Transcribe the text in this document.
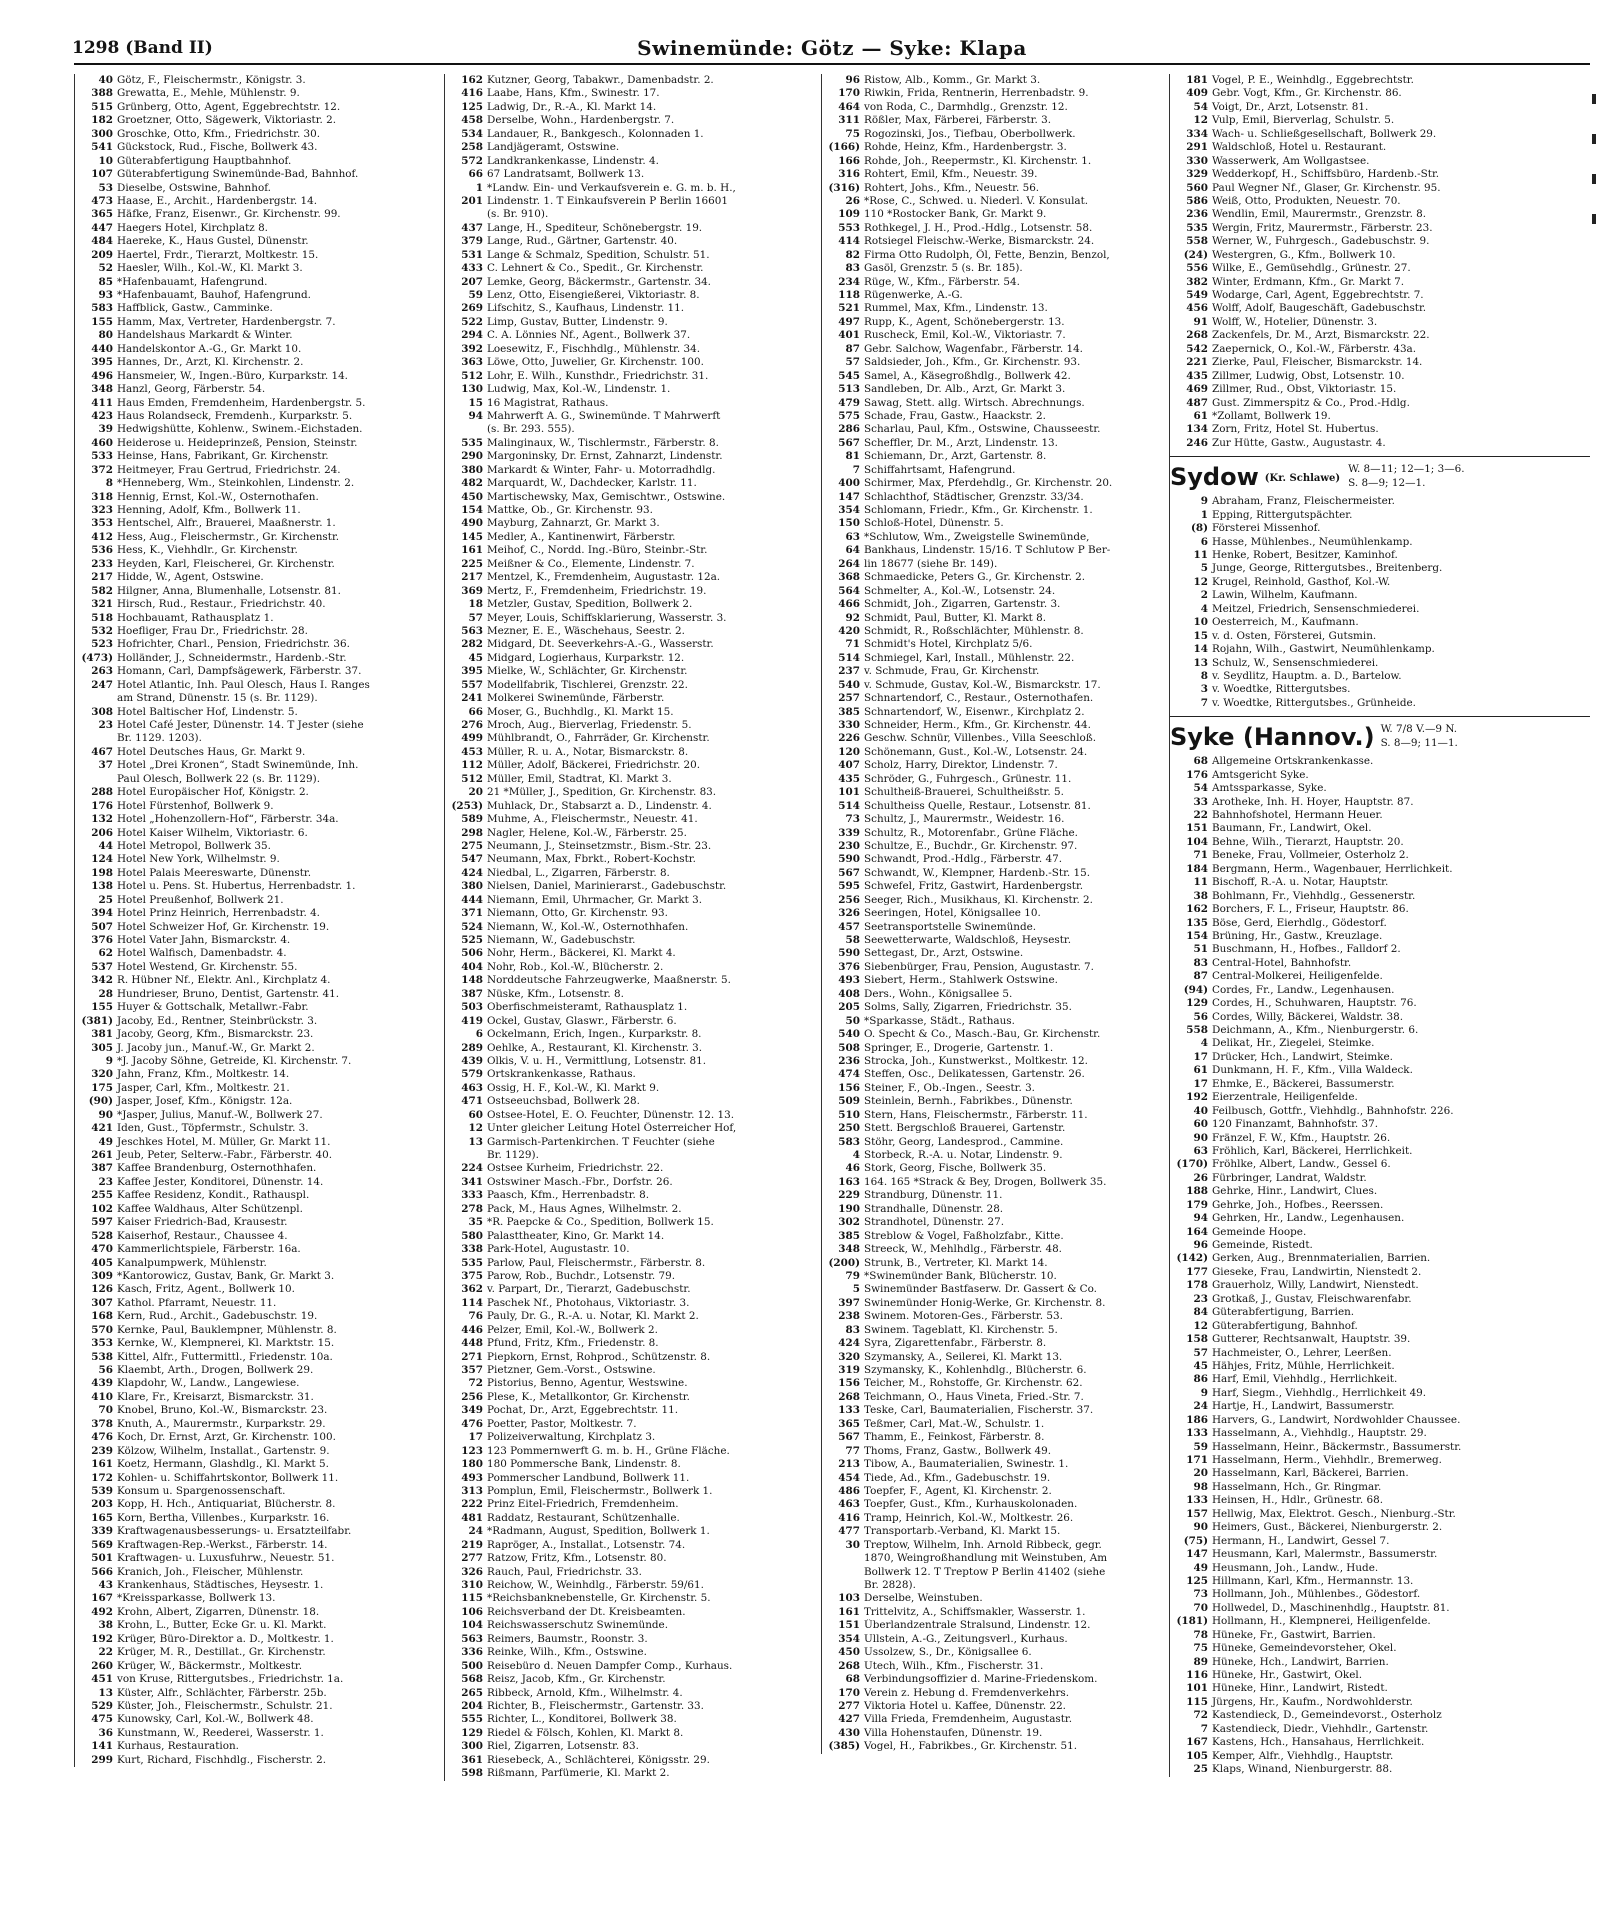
1298 (Band II)	Swinemünde: Götz — Syke: Klapa
40 Götz, F., Fleischermstr., Königstr. 3.
388 Grewatta, E., Mehle, Mühlenstr. 9.
515 Grünberg, Otto, Agent, Eggebrechtstr. 12.
182 Groetzner, Otto, Sägewerk, Viktoriastr. 2.
300 Groschke, Otto, Kfm., Friedrichstr. 30.
541 Gückstock, Rud., Fische, Bollwerk 43.
10 Güterabfertigung Hauptbahnhof.
107 Güterabfertigung Swinemünde-Bad, Bahnhof.
53 Dieselbe, Ostswine, Bahnhof.
473 Haase, E., Archit., Hardenbergstr. 14.
365 Häfke, Franz, Eisenwr., Gr. Kirchenstr. 99.
447 Haegers Hotel, Kirchplatz 8.
484 Haereke, K., Haus Gustel, Dünenstr.
209 Haertel, Frdr., Tierarzt, Moltkestr. 15.
52 Haesler, Wilh., Kol.-W., Kl. Markt 3.
85 *Hafenbauamt, Hafengrund.
93 *Hafenbauamt, Bauhof, Hafengrund.
583 Haffblick, Gastw., Camminke.
155 Hamm, Max, Vertreter, Hardenbergstr. 7.
80 Handelshaus Markardt & Winter.
440 Handelskontor A.-G., Gr. Markt 10.
395 Hannes, Dr., Arzt, Kl. Kirchenstr. 2.
496 Hansmeier, W., Ingen.-Büro, Kurparkstr. 14.
348 Hanzl, Georg, Färberstr. 54.
411 Haus Emden, Fremdenheim, Hardenbergstr. 5.
423 Haus Rolandseck, Fremdenh., Kurparkstr. 5.
39 Hedwigshütte, Kohlenw., Swinem.-Eichstaden.
460 Heiderose u. Heideprinzeß, Pension, Steinstr.
533 Heinse, Hans, Fabrikant, Gr. Kirchenstr.
372 Heitmeyer, Frau Gertrud, Friedrichstr. 24.
8 *Henneberg, Wm., Steinkohlen, Lindenstr. 2.
318 Hennig, Ernst, Kol.-W., Osternothafen.
323 Henning, Adolf, Kfm., Bollwerk 11.
353 Hentschel, Alfr., Brauerei, Maaßnerstr. 1.
412 Hess, Aug., Fleischermstr., Gr. Kirchenstr.
536 Hess, K., Viehhdlr., Gr. Kirchenstr.
233 Heyden, Karl, Fleischerei, Gr. Kirchenstr.
217 Hidde, W., Agent, Ostswine.
582 Hilgner, Anna, Blumenhalle, Lotsenstr. 81.
321 Hirsch, Rud., Restaur., Friedrichstr. 40.
518 Hochbauamt, Rathausplatz 1.
532 Hoefliger, Frau Dr., Friedrichstr. 28.
523 Hofrichter, Charl., Pension, Friedrichstr. 36.
(473) Holländer, J., Schneidermstr., Hardenb.-Str.
263 Homann, Carl, Dampfsägewerk, Färberstr. 37.
247 Hotel Atlantic, Inh. Paul Olesch, Haus I. Ranges
am Strand, Dünenstr. 15 (s. Br. 1129).
308 Hotel Baltischer Hof, Lindenstr. 5.
23 Hotel Café Jester, Dünenstr. 14. T Jester (siehe
Br. 1129. 1203).
467 Hotel Deutsches Haus, Gr. Markt 9.
37 Hotel „Drei Kronen“, Stadt Swinemünde, Inh.
Paul Olesch, Bollwerk 22 (s. Br. 1129).
288 Hotel Europäischer Hof, Königstr. 2.
176 Hotel Fürstenhof, Bollwerk 9.
132 Hotel „Hohenzollern-Hof“, Färberstr. 34a.
206 Hotel Kaiser Wilhelm, Viktoriastr. 6.
44 Hotel Metropol, Bollwerk 35.
124 Hotel New York, Wilhelmstr. 9.
198 Hotel Palais Meereswarte, Dünenstr.
138 Hotel u. Pens. St. Hubertus, Herrenbadstr. 1.
25 Hotel Preußenhof, Bollwerk 21.
394 Hotel Prinz Heinrich, Herrenbadstr. 4.
507 Hotel Schweizer Hof, Gr. Kirchenstr. 19.
376 Hotel Vater Jahn, Bismarckstr. 4.
62 Hotel Walfisch, Damenbadstr. 4.
537 Hotel Westend, Gr. Kirchenstr. 55.
342 R. Hübner Nf., Elektr. Anl., Kirchplatz 4.
28 Hundrieser, Bruno, Dentist, Gartenstr. 41.
155 Huyer & Gottschalk, Metallwr.-Fabr.
(381) Jacoby, Ed., Rentner, Steinbrückstr. 3.
381 Jacoby, Georg, Kfm., Bismarckstr. 23.
305 J. Jacoby jun., Manuf.-W., Gr. Markt 2.
9 *J. Jacoby Söhne, Getreide, Kl. Kirchenstr. 7.
320 Jahn, Franz, Kfm., Moltkestr. 14.
175 Jasper, Carl, Kfm., Moltkestr. 21.
(90) Jasper, Josef, Kfm., Königstr. 12a.
90 *Jasper, Julius, Manuf.-W., Bollwerk 27.
421 Iden, Gust., Töpfermstr., Schulstr. 3.
49 Jeschkes Hotel, M. Müller, Gr. Markt 11.
261 Jeub, Peter, Selterw.-Fabr., Färberstr. 40.
387 Kaffee Brandenburg, Osternothhafen.
23 Kaffee Jester, Konditorei, Dünenstr. 14.
255 Kaffee Residenz, Kondit., Rathauspl.
102 Kaffee Waldhaus, Alter Schützenpl.
597 Kaiser Friedrich-Bad, Krausestr.
528 Kaiserhof, Restaur., Chaussee 4.
470 Kammerlichtspiele, Färberstr. 16a.
405 Kanalpumpwerk, Mühlenstr.
309 *Kantorowicz, Gustav, Bank, Gr. Markt 3.
126 Kasch, Fritz, Agent., Bollwerk 10.
307 Kathol. Pfarramt, Neuestr. 11.
168 Kern, Rud., Archit., Gadebuschstr. 19.
570 Kernke, Paul, Bauklempner, Mühlenstr. 8.
353 Kernke, W., Klempnerei, Kl. Marktstr. 15.
538 Kittel, Alfr., Futtermittl., Friedenstr. 10a.
56 Klaembt, Arth., Drogen, Bollwerk 29.
439 Klapdohr, W., Landw., Langewiese.
410 Klare, Fr., Kreisarzt, Bismarckstr. 31.
70 Knobel, Bruno, Kol.-W., Bismarckstr. 23.
378 Knuth, A., Maurermstr., Kurparkstr. 29.
476 Koch, Dr. Ernst, Arzt, Gr. Kirchenstr. 100.
239 Kölzow, Wilhelm, Installat., Gartenstr. 9.
161 Koetz, Hermann, Glashdlg., Kl. Markt 5.
172 Kohlen- u. Schiffahrtskontor, Bollwerk 11.
539 Konsum u. Spargenossenschaft.
203 Kopp, H. Hch., Antiquariat, Blücherstr. 8.
165 Korn, Bertha, Villenbes., Kurparkstr. 16.
339 Kraftwagenausbesserungs- u. Ersatzteilfabr.
569 Kraftwagen-Rep.-Werkst., Färberstr. 14.
501 Kraftwagen- u. Luxusfuhrw., Neuestr. 51.
566 Kranich, Joh., Fleischer, Mühlenstr.
43 Krankenhaus, Städtisches, Heysestr. 1.
167 *Kreissparkasse, Bollwerk 13.
492 Krohn, Albert, Zigarren, Dünenstr. 18.
38 Krohn, L., Butter, Ecke Gr. u. Kl. Markt.
192 Krüger, Büro-Direktor a. D., Moltkestr. 1.
22 Krüger, M. R., Destillat., Gr. Kirchenstr.
260 Krüger, W., Bäckermstr., Moltkestr.
451 von Kruse, Rittergutsbes., Friedrichstr. 1a.
13 Küster, Alfr., Schlächter, Färberstr. 25b.
529 Küster, Joh., Fleischermstr., Schulstr. 21.
475 Kunowsky, Carl, Kol.-W., Bollwerk 48.
36 Kunstmann, W., Reederei, Wasserstr. 1.
141 Kurhaus, Restauration.
299 Kurt, Richard, Fischhdlg., Fischerstr. 2.
162 Kutzner, Georg, Tabakwr., Damenbadstr. 2.
416 Laabe, Hans, Kfm., Swinestr. 17.
125 Ladwig, Dr., R.-A., Kl. Markt 14.
458 Derselbe, Wohn., Hardenbergstr. 7.
534 Landauer, R., Bankgesch., Kolonnaden 1.
258 Landjägeramt, Ostswine.
572 Landkrankenkasse, Lindenstr. 4.
66 67 Landratsamt, Bollwerk 13.
1 *Landw. Ein- und Verkaufsverein e. G. m. b. H.,
201 Lindenstr. 1. T Einkaufsverein P Berlin 16601
(s. Br. 910).
437 Lange, H., Spediteur, Schönebergstr. 19.
379 Lange, Rud., Gärtner, Gartenstr. 40.
531 Lange & Schmalz, Spedition, Schulstr. 51.
433 C. Lehnert & Co., Spedit., Gr. Kirchenstr.
207 Lemke, Georg, Bäckermstr., Gartenstr. 34.
59 Lenz, Otto, Eisengießerei, Viktoriastr. 8.
269 Lifschitz, S., Kaufhaus, Lindenstr. 11.
522 Limp, Gustav, Butter, Lindenstr. 9.
294 C. A. Lönnies Nf., Agent., Bollwerk 37.
392 Loesewitz, F., Fischhdlg., Mühlenstr. 34.
363 Löwe, Otto, Juwelier, Gr. Kirchenstr. 100.
512 Lohr, E. Wilh., Kunsthdr., Friedrichstr. 31.
130 Ludwig, Max, Kol.-W., Lindenstr. 1.
15 16 Magistrat, Rathaus.
94 Mahrwerft A. G., Swinemünde. T Mahrwerft
(s. Br. 293. 555).
535 Malinginaux, W., Tischlermstr., Färberstr. 8.
290 Margoninsky, Dr. Ernst, Zahnarzt, Lindenstr.
380 Markardt & Winter, Fahr- u. Motorradhdlg.
482 Marquardt, W., Dachdecker, Karlstr. 11.
450 Martischewsky, Max, Gemischtwr., Ostswine.
154 Mattke, Ob., Gr. Kirchenstr. 93.
490 Mayburg, Zahnarzt, Gr. Markt 3.
145 Medler, A., Kantinenwirt, Färberstr.
161 Meihof, C., Nordd. Ing.-Büro, Steinbr.-Str.
225 Meißner & Co., Elemente, Lindenstr. 7.
217 Mentzel, K., Fremdenheim, Augustastr. 12a.
369 Mertz, F., Fremdenheim, Friedrichstr. 19.
18 Metzler, Gustav, Spedition, Bollwerk 2.
57 Meyer, Louis, Schiffsklarierung, Wasserstr. 3.
563 Mezner, E. E., Wäschehaus, Seestr. 2.
282 Midgard, Dt. Seeverkehrs-A.-G., Wasserstr.
45 Midgard, Logierhaus, Kurparkstr. 12.
395 Mielke, W., Schlächter, Gr. Kirchenstr.
557 Modellfabrik, Tischlerei, Grenzstr. 22.
241 Molkerei Swinemünde, Färberstr.
66 Moser, G., Buchhdlg., Kl. Markt 15.
276 Mroch, Aug., Bierverlag, Friedenstr. 5.
499 Mühlbrandt, O., Fahrräder, Gr. Kirchenstr.
453 Müller, R. u. A., Notar, Bismarckstr. 8.
112 Müller, Adolf, Bäckerei, Friedrichstr. 20.
512 Müller, Emil, Stadtrat, Kl. Markt 3.
20 21 *Müller, J., Spedition, Gr. Kirchenstr. 83.
(253) Muhlack, Dr., Stabsarzt a. D., Lindenstr. 4.
589 Muhme, A., Fleischermstr., Neuestr. 41.
298 Nagler, Helene, Kol.-W., Färberstr. 25.
275 Neumann, J., Steinsetzmstr., Bism.-Str. 23.
547 Neumann, Max, Fbrkt., Robert-Kochstr.
424 Niedbal, L., Zigarren, Färberstr. 8.
380 Nielsen, Daniel, Marinierarst., Gadebuschstr.
444 Niemann, Emil, Uhrmacher, Gr. Markt 3.
371 Niemann, Otto, Gr. Kirchenstr. 93.
524 Niemann, W., Kol.-W., Osternothhafen.
525 Niemann, W., Gadebuschstr.
506 Nohr, Herm., Bäckerei, Kl. Markt 4.
404 Nohr, Rob., Kol.-W., Blücherstr. 2.
148 Norddeutsche Fahrzeugwerke, Maaßnerstr. 5.
387 Nüske, Kfm., Lotsenstr. 8.
503 Oberfischmeisteramt, Rathausplatz 1.
419 Ockel, Gustav, Glaswr., Färberstr. 6.
6 Ockelmann, Erich, Ingen., Kurparkstr. 8.
289 Oehlke, A., Restaurant, Kl. Kirchenstr. 3.
439 Olkis, V. u. H., Vermittlung, Lotsenstr. 81.
579 Ortskrankenkasse, Rathaus.
463 Ossig, H. F., Kol.-W., Kl. Markt 9.
471 Ostseeuchsbad, Bollwerk 28.
60 Ostsee-Hotel, E. O. Feuchter, Dünenstr. 12. 13.
12 Unter gleicher Leitung Hotel Österreicher Hof,
13 Garmisch-Partenkirchen. T Feuchter (siehe
Br. 1129).
224 Ostsee Kurheim, Friedrichstr. 22.
341 Ostswiner Masch.-Fbr., Dorfstr. 26.
333 Paasch, Kfm., Herrenbadstr. 8.
278 Pack, M., Haus Agnes, Wilhelmstr. 2.
35 *R. Paepcke & Co., Spedition, Bollwerk 15.
580 Palasttheater, Kino, Gr. Markt 14.
338 Park-Hotel, Augustastr. 10.
535 Parlow, Paul, Fleischermstr., Färberstr. 8.
375 Parow, Rob., Buchdr., Lotsenstr. 79.
362 v. Parpart, Dr., Tierarzt, Gadebuschstr.
114 Paschek Nf., Photohaus, Viktoriastr. 3.
76 Pauly, Dr. G., R.-A. u. Notar, Kl. Markt 2.
446 Pelzer, Emil, Kol.-W., Bollwerk 2.
448 Pfund, Fritz, Kfm., Friedenstr. 8.
271 Piepkorn, Ernst, Rohprod., Schützenstr. 8.
357 Pietzner, Gem.-Vorst., Ostswine.
72 Pistorius, Benno, Agentur, Westswine.
256 Plese, K., Metallkontor, Gr. Kirchenstr.
349 Pochat, Dr., Arzt, Eggebrechtstr. 11.
476 Poetter, Pastor, Moltkestr. 7.
17 Polizeiverwaltung, Kirchplatz 3.
123 123 Pommernwerft G. m. b. H., Grüne Fläche.
180 180 Pommersche Bank, Lindenstr. 8.
493 Pommerscher Landbund, Bollwerk 11.
313 Pomplun, Emil, Fleischermstr., Bollwerk 1.
222 Prinz Eitel-Friedrich, Fremdenheim.
481 Raddatz, Restaurant, Schützenhalle.
24 *Radmann, August, Spedition, Bollwerk 1.
219 Rapröger, A., Installat., Lotsenstr. 74.
277 Ratzow, Fritz, Kfm., Lotsenstr. 80.
326 Rauch, Paul, Friedrichstr. 33.
310 Reichow, W., Weinhdlg., Färberstr. 59/61.
115 *Reichsbanknebenstelle, Gr. Kirchenstr. 5.
106 Reichsverband der Dt. Kreisbeamten.
104 Reichswasserschutz Swinemünde.
563 Reimers, Baumstr., Roonstr. 3.
336 Reinke, Wilh., Kfm., Ostswine.
500 Reisebüro d. Neuen Dampfer Comp., Kurhaus.
568 Reisz, Jacob, Kfm., Gr. Kirchenstr.
265 Ribbeck, Arnold, Kfm., Wilhelmstr. 4.
204 Richter, B., Fleischermstr., Gartenstr. 33.
555 Richter, L., Konditorei, Bollwerk 38.
129 Riedel & Fölsch, Kohlen, Kl. Markt 8.
300 Riel, Zigarren, Lotsenstr. 83.
361 Riesebeck, A., Schlächterei, Königsstr. 29.
598 Rißmann, Parfümerie, Kl. Markt 2.
96 Ristow, Alb., Komm., Gr. Markt 3.
170 Riwkin, Frida, Rentnerin, Herrenbadstr. 9.
464 von Roda, C., Darmhdlg., Grenzstr. 12.
311 Rößler, Max, Färberei, Färberstr. 3.
75 Rogozinski, Jos., Tiefbau, Oberbollwerk.
(166) Rohde, Heinz, Kfm., Hardenbergstr. 3.
166 Rohde, Joh., Reepermstr., Kl. Kirchenstr. 1.
316 Rohtert, Emil, Kfm., Neuestr. 39.
(316) Rohtert, Johs., Kfm., Neuestr. 56.
26 *Rose, C., Schwed. u. Niederl. V. Konsulat.
109 110 *Rostocker Bank, Gr. Markt 9.
553 Rothkegel, J. H., Prod.-Hdlg., Lotsenstr. 58.
414 Rotsiegel Fleischw.-Werke, Bismarckstr. 24.
82 Firma Otto Rudolph, Öl, Fette, Benzin, Benzol,
83 Gasöl, Grenzstr. 5 (s. Br. 185).
234 Rüge, W., Kfm., Färberstr. 54.
118 Rügenwerke, A.-G.
521 Rummel, Max, Kfm., Lindenstr. 13.
497 Rupp, K., Agent, Schönebergerstr. 13.
401 Ruscheck, Emil, Kol.-W., Viktoriastr. 7.
87 Gebr. Salchow, Wagenfabr., Färberstr. 14.
57 Saldsieder, Joh., Kfm., Gr. Kirchenstr. 93.
545 Samel, A., Käsegroßhdlg., Bollwerk 42.
513 Sandleben, Dr. Alb., Arzt, Gr. Markt 3.
479 Sawag, Stett. allg. Wirtsch. Abrechnungs.
575 Schade, Frau, Gastw., Haackstr. 2.
286 Scharlau, Paul, Kfm., Ostswine, Chausseestr.
567 Scheffler, Dr. M., Arzt, Lindenstr. 13.
81 Schiemann, Dr., Arzt, Gartenstr. 8.
7 Schiffahrtsamt, Hafengrund.
400 Schirmer, Max, Pferdehdlg., Gr. Kirchenstr. 20.
147 Schlachthof, Städtischer, Grenzstr. 33/34.
354 Schlomann, Friedr., Kfm., Gr. Kirchenstr. 1.
150 Schloß-Hotel, Dünenstr. 5.
63 *Schlutow, Wm., Zweigstelle Swinemünde,
64 Bankhaus, Lindenstr. 15/16. T Schlutow P Ber-
264 lin 18677 (siehe Br. 149).
368 Schmaedicke, Peters G., Gr. Kirchenstr. 2.
564 Schmelter, A., Kol.-W., Lotsenstr. 24.
466 Schmidt, Joh., Zigarren, Gartenstr. 3.
92 Schmidt, Paul, Butter, Kl. Markt 8.
420 Schmidt, R., Roßschlächter, Mühlenstr. 8.
71 Schmidt's Hotel, Kirchplatz 5/6.
514 Schmiegel, Karl, Install., Mühlenstr. 22.
237 v. Schmude, Frau, Gr. Kirchenstr.
540 v. Schmude, Gustav, Kol.-W., Bismarckstr. 17.
257 Schnartendorf, C., Restaur., Osternothafen.
385 Schnartendorf, W., Eisenwr., Kirchplatz 2.
330 Schneider, Herm., Kfm., Gr. Kirchenstr. 44.
226 Geschw. Schnür, Villenbes., Villa Seeschloß.
120 Schönemann, Gust., Kol.-W., Lotsenstr. 24.
407 Scholz, Harry, Direktor, Lindenstr. 7.
435 Schröder, G., Fuhrgesch., Grünestr. 11.
101 Schultheiß-Brauerei, Schultheißstr. 5.
514 Schultheiss Quelle, Restaur., Lotsenstr. 81.
73 Schultz, J., Maurermstr., Weidestr. 16.
339 Schultz, R., Motorenfabr., Grüne Fläche.
230 Schultze, E., Buchdr., Gr. Kirchenstr. 97.
590 Schwandt, Prod.-Hdlg., Färberstr. 47.
567 Schwandt, W., Klempner, Hardenb.-Str. 15.
595 Schwefel, Fritz, Gastwirt, Hardenbergstr.
256 Seeger, Rich., Musikhaus, Kl. Kirchenstr. 2.
326 Seeringen, Hotel, Königsallee 10.
457 Seetransportstelle Swinemünde.
58 Seewetterwarte, Waldschloß, Heysestr.
590 Settegast, Dr., Arzt, Ostswine.
376 Siebenbürger, Frau, Pension, Augustastr. 7.
493 Siebert, Herm., Stahlwerk Ostswine.
408 Ders., Wohn., Königsallee 5.
205 Solms, Sally, Zigarren, Friedrichstr. 35.
50 *Sparkasse, Städt., Rathaus.
540 O. Specht & Co., Masch.-Bau, Gr. Kirchenstr.
508 Springer, E., Drogerie, Gartenstr. 1.
236 Strocka, Joh., Kunstwerkst., Moltkestr. 12.
474 Steffen, Osc., Delikatessen, Gartenstr. 26.
156 Steiner, F., Ob.-Ingen., Seestr. 3.
509 Steinlein, Bernh., Fabrikbes., Dünenstr.
510 Stern, Hans, Fleischermstr., Färberstr. 11.
250 Stett. Bergschloß Brauerei, Gartenstr.
583 Stöhr, Georg, Landesprod., Cammine.
4 Storbeck, R.-A. u. Notar, Lindenstr. 9.
46 Stork, Georg, Fische, Bollwerk 35.
163 164. 165 *Strack & Bey, Drogen, Bollwerk 35.
229 Strandburg, Dünenstr. 11.
190 Strandhalle, Dünenstr. 28.
302 Strandhotel, Dünenstr. 27.
385 Streblow & Vogel, Faßholzfabr., Kitte.
348 Streeck, W., Mehlhdlg., Färberstr. 48.
(200) Strunk, B., Vertreter, Kl. Markt 14.
79 *Swinemünder Bank, Blücherstr. 10.
5 Swinemünder Bastfaserw. Dr. Gassert & Co.
397 Swinemünder Honig-Werke, Gr. Kirchenstr. 8.
238 Swinem. Motoren-Ges., Färberstr. 53.
83 Swinem. Tageblatt, Kl. Kirchenstr. 5.
424 Syra, Zigarettenfabr., Färberstr. 8.
320 Szymansky, A., Seilerei, Kl. Markt 13.
319 Szymansky, K., Kohlenhdlg., Blücherstr. 6.
156 Teicher, M., Rohstoffe, Gr. Kirchenstr. 62.
268 Teichmann, O., Haus Vineta, Fried.-Str. 7.
133 Teske, Carl, Baumaterialien, Fischerstr. 37.
365 Teßmer, Carl, Mat.-W., Schulstr. 1.
567 Thamm, E., Feinkost, Färberstr. 8.
77 Thoms, Franz, Gastw., Bollwerk 49.
213 Tibow, A., Baumaterialien, Swinestr. 1.
454 Tiede, Ad., Kfm., Gadebuschstr. 19.
486 Toepfer, F., Agent, Kl. Kirchenstr. 2.
463 Toepfer, Gust., Kfm., Kurhauskolonaden.
416 Tramp, Heinrich, Kol.-W., Moltkestr. 26.
477 Transportarb.-Verband, Kl. Markt 15.
30 Treptow, Wilhelm, Inh. Arnold Ribbeck, gegr.
1870, Weingroßhandlung mit Weinstuben, Am
Bollwerk 12. T Treptow P Berlin 41402 (siehe
Br. 2828).
103 Derselbe, Weinstuben.
161 Trittelvitz, A., Schiffsmakler, Wasserstr. 1.
151 Überlandzentrale Stralsund, Lindenstr. 12.
354 Ullstein, A.-G., Zeitungsverl., Kurhaus.
450 Ussolzew, S., Dr., Königsallee 6.
268 Utech, Wilh., Kfm., Fischerstr. 31.
68 Verbindungsoffizier d. Marine-Friedenskom.
170 Verein z. Hebung d. Fremdenverkehrs.
277 Viktoria Hotel u. Kaffee, Dünenstr. 22.
427 Villa Frieda, Fremdenheim, Augustastr.
430 Villa Hohenstaufen, Dünenstr. 19.
(385) Vogel, H., Fabrikbes., Gr. Kirchenstr. 51.
181 Vogel, P. E., Weinhdlg., Eggebrechtstr.
409 Gebr. Vogt, Kfm., Gr. Kirchenstr. 86.
54 Voigt, Dr., Arzt, Lotsenstr. 81.
12 Vulp, Emil, Bierverlag, Schulstr. 5.
334 Wach- u. Schließgesellschaft, Bollwerk 29.
291 Waldschloß, Hotel u. Restaurant.
330 Wasserwerk, Am Wollgastsee.
329 Wedderkopf, H., Schiffsbüro, Hardenb.-Str.
560 Paul Wegner Nf., Glaser, Gr. Kirchenstr. 95.
586 Weiß, Otto, Produkten, Neuestr. 70.
236 Wendlin, Emil, Maurermstr., Grenzstr. 8.
535 Wergin, Fritz, Maurermstr., Färberstr. 23.
558 Werner, W., Fuhrgesch., Gadebuschstr. 9.
(24) Westergren, G., Kfm., Bollwerk 10.
556 Wilke, E., Gemüsehdlg., Grünestr. 27.
382 Winter, Erdmann, Kfm., Gr. Markt 7.
549 Wodarge, Carl, Agent, Eggebrechtstr. 7.
456 Wolff, Adolf, Baugeschäft, Gadebuschstr.
91 Wolff, W., Hotelier, Dünenstr. 3.
268 Zackenfels, Dr. M., Arzt, Bismarckstr. 22.
542 Zaepernick, O., Kol.-W., Färberstr. 43a.
221 Zierke, Paul, Fleischer, Bismarckstr. 14.
435 Zillmer, Ludwig, Obst, Lotsenstr. 10.
469 Zillmer, Rud., Obst, Viktoriastr. 15.
487 Gust. Zimmerspitz & Co., Prod.-Hdlg.
61 *Zollamt, Bollwerk 19.
134 Zorn, Fritz, Hotel St. Hubertus.
246 Zur Hütte, Gastw., Augustastr. 4.
Sydow (Kr. Schlawe)
W. 8—11; 12—1; 3—6.
S. 8—9; 12—1.
9 Abraham, Franz, Fleischermeister.
1 Epping, Rittergutspächter.
(8) Försterei Missenhof.
6 Hasse, Mühlenbes., Neumühlenkamp.
11 Henke, Robert, Besitzer, Kaminhof.
5 Junge, George, Rittergutsbes., Breitenberg.
12 Krugel, Reinhold, Gasthof, Kol.-W.
2 Lawin, Wilhelm, Kaufmann.
4 Meitzel, Friedrich, Sensenschmiederei.
10 Oesterreich, M., Kaufmann.
15 v. d. Osten, Försterei, Gutsmin.
14 Rojahn, Wilh., Gastwirt, Neumühlenkamp.
13 Schulz, W., Sensenschmiederei.
8 v. Seydlitz, Hauptm. a. D., Bartelow.
3 v. Woedtke, Rittergutsbes.
7 v. Woedtke, Rittergutsbes., Grünheide.
Syke (Hannov.) W. 7/8 V.—9 N.
S. 8—9; 11—1.
68 Allgemeine Ortskrankenkasse.
176 Amtsgericht Syke.
54 Amtssparkasse, Syke.
33 Arotheke, Inh. H. Hoyer, Hauptstr. 87.
22 Bahnhofshotel, Hermann Heuer.
151 Baumann, Fr., Landwirt, Okel.
104 Behne, Wilh., Tierarzt, Hauptstr. 20.
71 Beneke, Frau, Vollmeier, Osterholz 2.
184 Bergmann, Herm., Wagenbauer, Herrlichkeit.
11 Bischoff, R.-A. u. Notar, Hauptstr.
38 Bohlmann, Fr., Viehhdlg., Gessenerstr.
162 Borchers, F. L., Friseur, Hauptstr. 86.
135 Böse, Gerd, Eierhdlg., Gödestorf.
154 Brüning, Hr., Gastw., Kreuzlage.
51 Buschmann, H., Hofbes., Falldorf 2.
83 Central-Hotel, Bahnhofstr.
87 Central-Molkerei, Heiligenfelde.
(94) Cordes, Fr., Landw., Legenhausen.
129 Cordes, H., Schuhwaren, Hauptstr. 76.
56 Cordes, Willy, Bäckerei, Waldstr. 38.
558 Deichmann, A., Kfm., Nienburgerstr. 6.
4 Delikat, Hr., Ziegelei, Steimke.
17 Drücker, Hch., Landwirt, Steimke.
61 Dunkmann, H. F., Kfm., Villa Waldeck.
17 Ehmke, E., Bäckerei, Bassumerstr.
192 Eierzentrale, Heiligenfelde.
40 Feilbusch, Gottfr., Viehhdlg., Bahnhofstr. 226.
60 120 Finanzamt, Bahnhofstr. 37.
90 Fränzel, F. W., Kfm., Hauptstr. 26.
63 Fröhlich, Karl, Bäckerei, Herrlichkeit.
(170) Fröhlke, Albert, Landw., Gessel 6.
26 Fürbringer, Landrat, Waldstr.
188 Gehrke, Hinr., Landwirt, Clues.
179 Gehrke, Joh., Hofbes., Reerssen.
94 Gehrken, Hr., Landw., Legenhausen.
164 Gemeinde Hoope.
96 Gemeinde, Ristedt.
(142) Gerken, Aug., Brennmaterialien, Barrien.
177 Gieseke, Frau, Landwirtin, Nienstedt 2.
178 Grauerholz, Willy, Landwirt, Nienstedt.
23 Grotkaß, J., Gustav, Fleischwarenfabr.
84 Güterabfertigung, Barrien.
12 Güterabfertigung, Bahnhof.
158 Gutterer, Rechtsanwalt, Hauptstr. 39.
57 Hachmeister, O., Lehrer, Leerßen.
45 Hähjes, Fritz, Mühle, Herrlichkeit.
86 Harf, Emil, Viehhdlg., Herrlichkeit.
9 Harf, Siegm., Viehhdlg., Herrlichkeit 49.
24 Hartje, H., Landwirt, Bassumerstr.
186 Harvers, G., Landwirt, Nordwohlder Chaussee.
133 Hasselmann, A., Viehhdlg., Hauptstr. 29.
59 Hasselmann, Heinr., Bäckermstr., Bassumerstr.
171 Hasselmann, Herm., Viehhdlr., Bremerweg.
20 Hasselmann, Karl, Bäckerei, Barrien.
98 Hasselmann, Hch., Gr. Ringmar.
133 Heinsen, H., Hdlr., Grünestr. 68.
157 Hellwig, Max, Elektrot. Gesch., Nienburg.-Str.
90 Heimers, Gust., Bäckerei, Nienburgerstr. 2.
(75) Hermann, H., Landwirt, Gessel 7.
147 Heusmann, Karl, Malermstr., Bassumerstr.
49 Heusmann, Joh., Landw., Hude.
125 Hillmann, Karl, Kfm., Hermannstr. 13.
73 Hollmann, Joh., Mühlenbes., Gödestorf.
70 Hollwedel, D., Maschinenhdlg., Hauptstr. 81.
(181) Hollmann, H., Klempnerei, Heiligenfelde.
78 Hüneke, Fr., Gastwirt, Barrien.
75 Hüneke, Gemeindevorsteher, Okel.
89 Hüneke, Hch., Landwirt, Barrien.
116 Hüneke, Hr., Gastwirt, Okel.
101 Hüneke, Hinr., Landwirt, Ristedt.
115 Jürgens, Hr., Kaufm., Nordwohlderstr.
72 Kastendieck, D., Gemeindevorst., Osterholz
7 Kastendieck, Diedr., Viehhdlr., Gartenstr.
167 Kastens, Hch., Hansahaus, Herrlichkeit.
105 Kemper, Alfr., Viehhdlg., Hauptstr.
25 Klaps, Winand, Nienburgerstr. 88.
